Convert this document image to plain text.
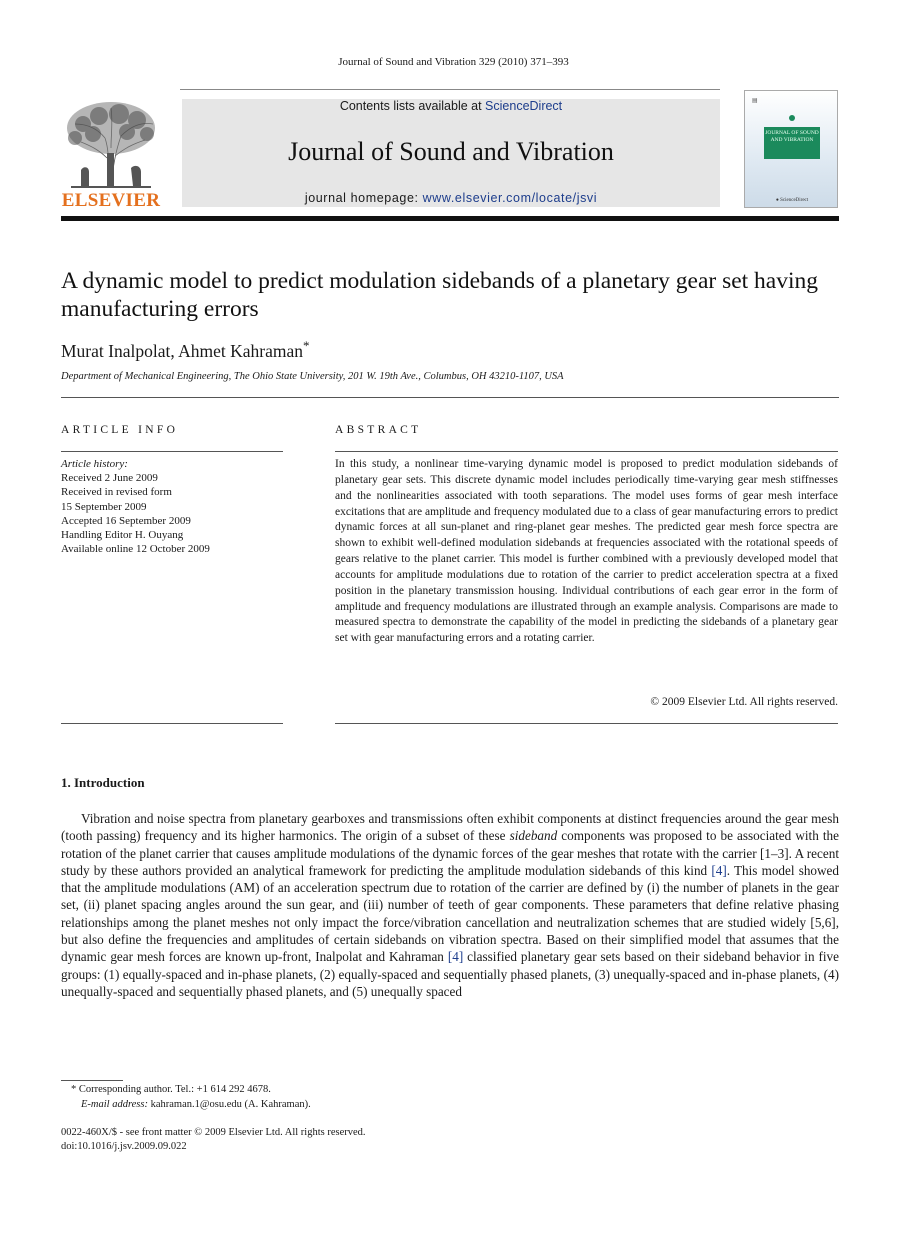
Journal of Sound and Vibration 329 (2010) 371–393
ELSEVIER
Contents lists available at ScienceDirect
Journal of Sound and Vibration
journal homepage: www.elsevier.com/locate/jsvi
▤
JOURNAL OF SOUND AND VIBRATION
● ScienceDirect
A dynamic model to predict modulation sidebands of a planetary gear set having manufacturing errors
Murat Inalpolat, Ahmet Kahraman*
Department of Mechanical Engineering, The Ohio State University, 201 W. 19th Ave., Columbus, OH 43210-1107, USA
ARTICLE INFO
Article history:
Received 2 June 2009
Received in revised form
15 September 2009
Accepted 16 September 2009
Handling Editor H. Ouyang
Available online 12 October 2009
ABSTRACT
In this study, a nonlinear time-varying dynamic model is proposed to predict modulation sidebands of planetary gear sets. This discrete dynamic model includes periodically time-varying gear mesh stiffnesses and the nonlinearities associated with tooth separations. The model uses forms of gear mesh interface excitations that are amplitude and frequency modulated due to a class of gear manufacturing errors to predict dynamic forces at all sun-planet and ring-planet gear meshes. The predicted gear mesh force spectra are shown to exhibit well-defined modulation sidebands at frequencies associated with the rotational speeds of gears relative to the planet carrier. This model is further combined with a previously developed model that accounts for amplitude modulations due to rotation of the carrier to predict acceleration spectra at a fixed position in the planetary transmission housing. Individual contributions of each gear error in the form of amplitude and frequency modulations are illustrated through an example analysis. Comparisons are made to measured spectra to demonstrate the capability of the model in predicting the sidebands of a planetary gear set with gear manufacturing errors and a rotating carrier.
© 2009 Elsevier Ltd. All rights reserved.
1. Introduction

Vibration and noise spectra from planetary gearboxes and transmissions often exhibit components at distinct frequencies around the gear mesh (tooth passing) frequency and its higher harmonics. The origin of a subset of these sideband components was proposed to be associated with the rotation of the planet carrier that causes amplitude modulations of the dynamic forces of the gear meshes that rotate with the carrier [1–3]. A recent study by these authors provided an analytical framework for predicting the amplitude modulation sidebands of this kind [4]. This model showed that the amplitude modulations (AM) of an acceleration spectrum due to rotation of the carrier are defined by (i) the number of planets in the gear set, (ii) planet spacing angles around the sun gear, and (iii) number of teeth of gear components. These parameters that define relative phasing relationships among the planet meshes not only impact the force/vibration cancellation and neutralization schemes that are studied widely [5,6], but also define the frequencies and amplitudes of certain sidebands on vibration spectra. Based on their simplified model that assumes that the dynamic gear mesh forces are known up-front, Inalpolat and Kahraman [4] classified planetary gear sets based on their sideband behavior in five groups: (1) equally-spaced and in-phase planets, (2) equally-spaced and sequentially phased planets, (3) unequally-spaced and in-phase planets, (4) unequally-spaced and sequentially phased planets, and (5) unequally spaced

* Corresponding author. Tel.: +1 614 292 4678.
E-mail address: kahraman.1@osu.edu (A. Kahraman).
0022-460X/$ - see front matter © 2009 Elsevier Ltd. All rights reserved.
doi:10.1016/j.jsv.2009.09.022
